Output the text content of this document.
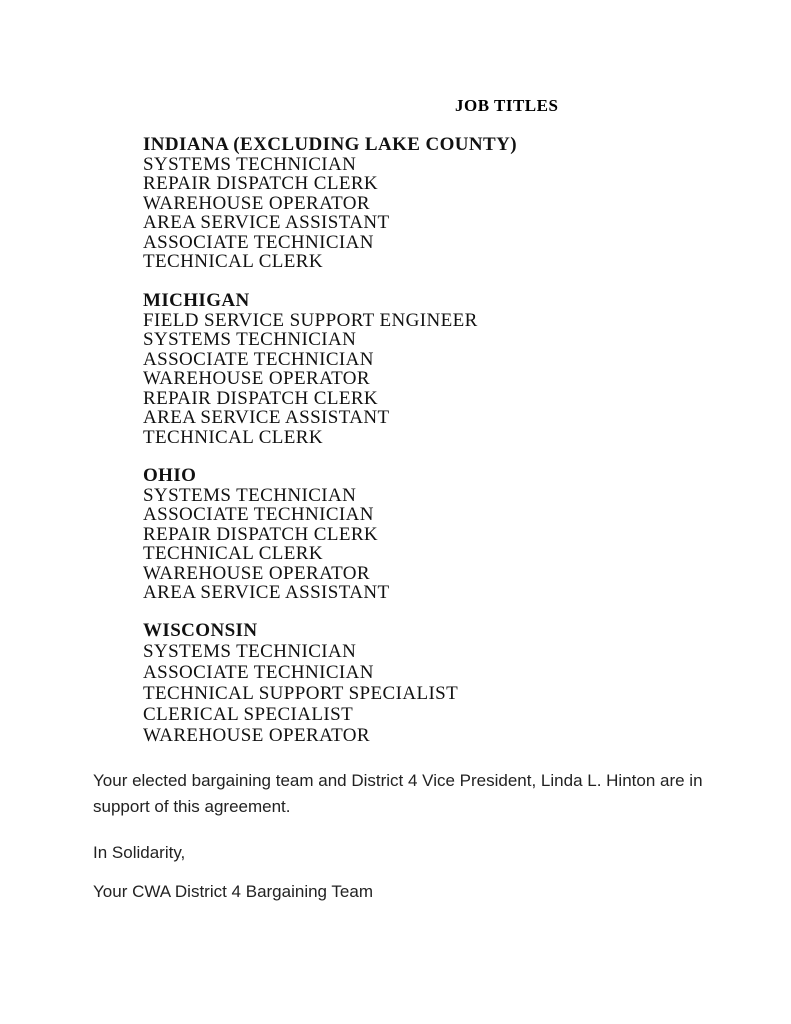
JOB TITLES
INDIANA (EXCLUDING LAKE COUNTY)
SYSTEMS TECHNICIAN
REPAIR DISPATCH CLERK
WAREHOUSE OPERATOR
AREA SERVICE ASSISTANT
ASSOCIATE TECHNICIAN
TECHNICAL CLERK
MICHIGAN
FIELD SERVICE SUPPORT ENGINEER
SYSTEMS TECHNICIAN
ASSOCIATE TECHNICIAN
WAREHOUSE OPERATOR
REPAIR DISPATCH CLERK
AREA SERVICE ASSISTANT
TECHNICAL CLERK
OHIO
SYSTEMS TECHNICIAN
ASSOCIATE TECHNICIAN
REPAIR DISPATCH CLERK
TECHNICAL CLERK
WAREHOUSE OPERATOR
AREA SERVICE ASSISTANT
WISCONSIN
SYSTEMS TECHNICIAN
ASSOCIATE TECHNICIAN
TECHNICAL SUPPORT SPECIALIST
CLERICAL SPECIALIST
WAREHOUSE OPERATOR

Your elected bargaining team and District 4 Vice President, Linda L. Hinton are in support of this agreement.

In Solidarity,

Your CWA District 4 Bargaining Team
